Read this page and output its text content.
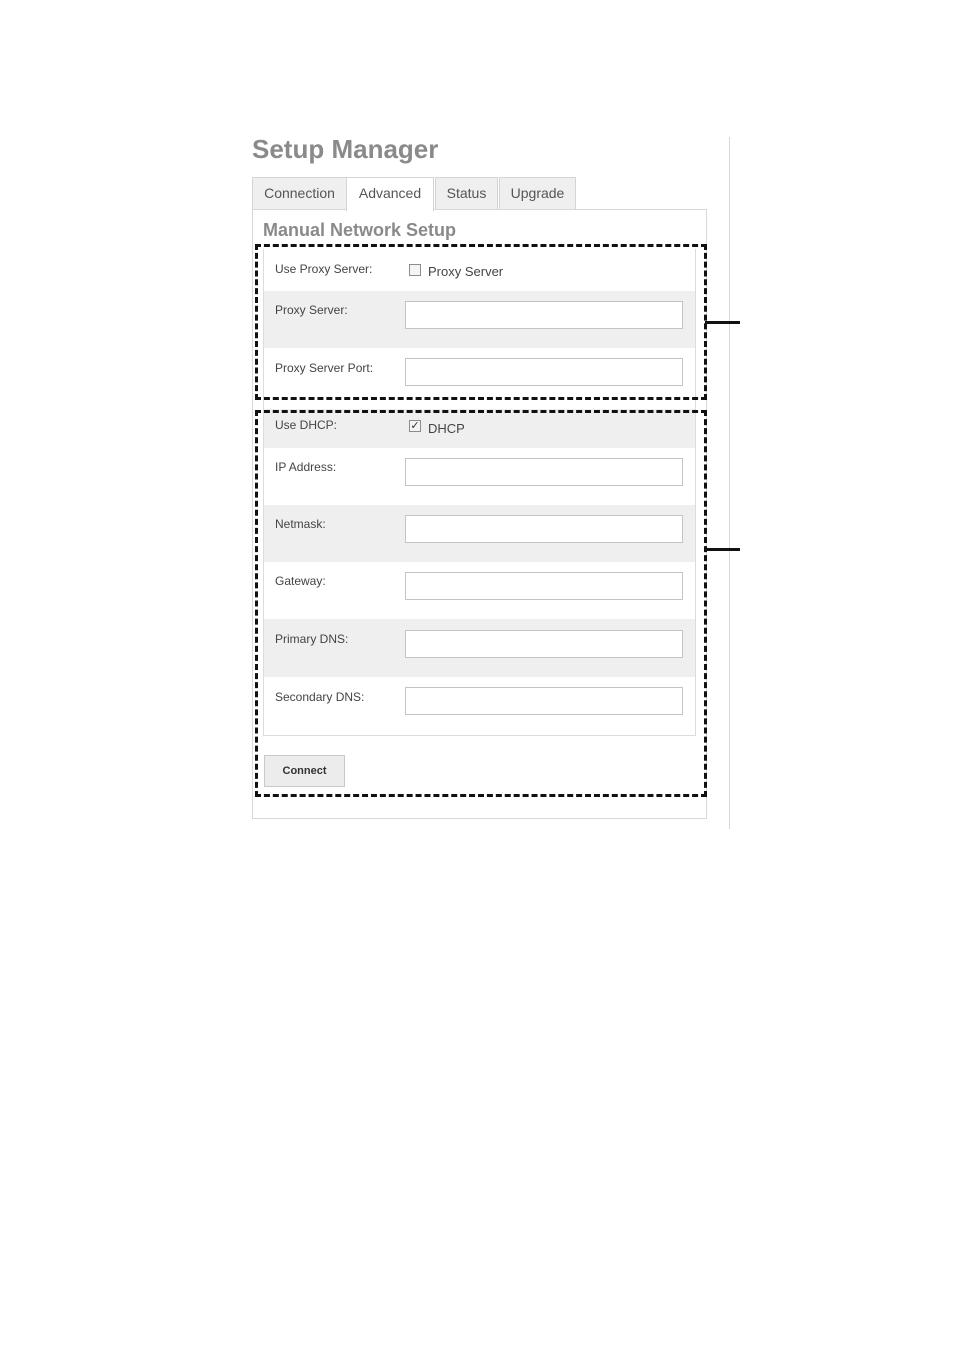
Setup Manager
Connection	Advanced	Status	Upgrade
Manual Network Setup
Use Proxy Server:	Proxy Server
Proxy Server:
Proxy Server Port:
Use DHCP:	✓ DHCP
IP Address:
Netmask:
Gateway:
Primary DNS:
Secondary DNS:
Connect
